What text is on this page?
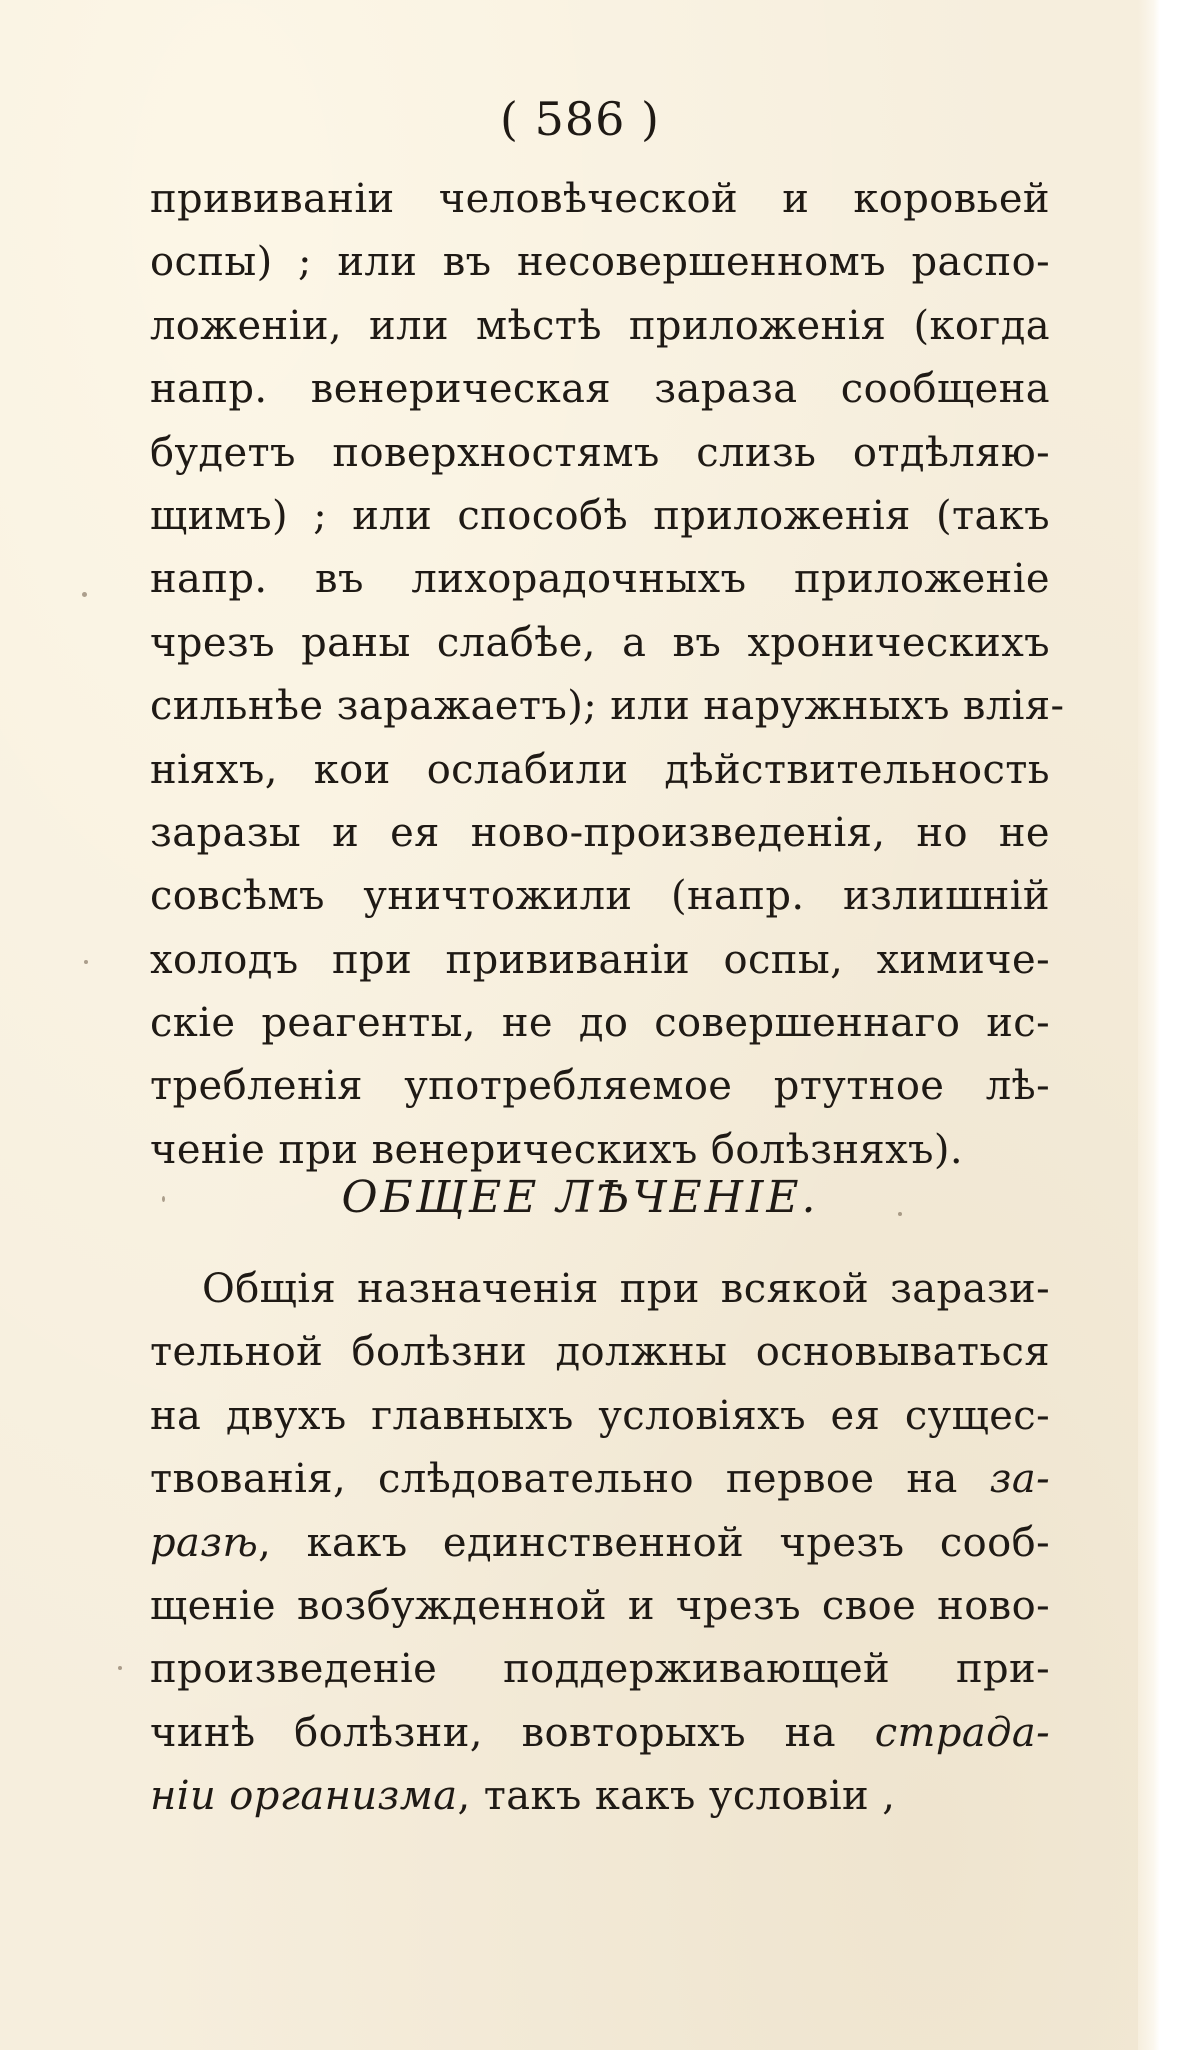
( 586 )
прививанiи человѣческой и коровьей
оспы) ; или въ несовершенномъ распо-
ложенiи, или мѣстѣ приложенiя (когда
напр. венерическая зараза сообщена
будетъ поверхностямъ слизь отдѣляю-
щимъ) ; или способѣ приложенiя (такъ
напр. въ лихорадочныхъ приложенiе
чрезъ раны слабѣе, а въ хроническихъ
сильнѣе заражаетъ); или наружныхъ влiя-
нiяхъ, кои ослабили дѣйствительность
заразы и ея ново-произведенiя, но не
совсѣмъ уничтожили (напр. излишнiй
холодъ при прививанiи оспы, химиче-
скiе реагенты, не до совершеннаго ис-
требленiя употребляемое ртутное лѣ-
ченiе при венерическихъ болѣзняхъ).
ОБЩЕЕ ЛѢЧЕНIЕ.
Общiя назначенiя при всякой зарази-
тельной болѣзни должны основываться
на двухъ главныхъ условiяхъ ея сущес-
твованiя, слѣдовательно первое на за-
разѣ, какъ единственной чрезъ сооб-
щенiе возбужденной и чрезъ свое ново-
произведенiе поддерживающей при-
чинѣ болѣзни, вовторыхъ на страда-
нiи организма, такъ какъ условiи ,
